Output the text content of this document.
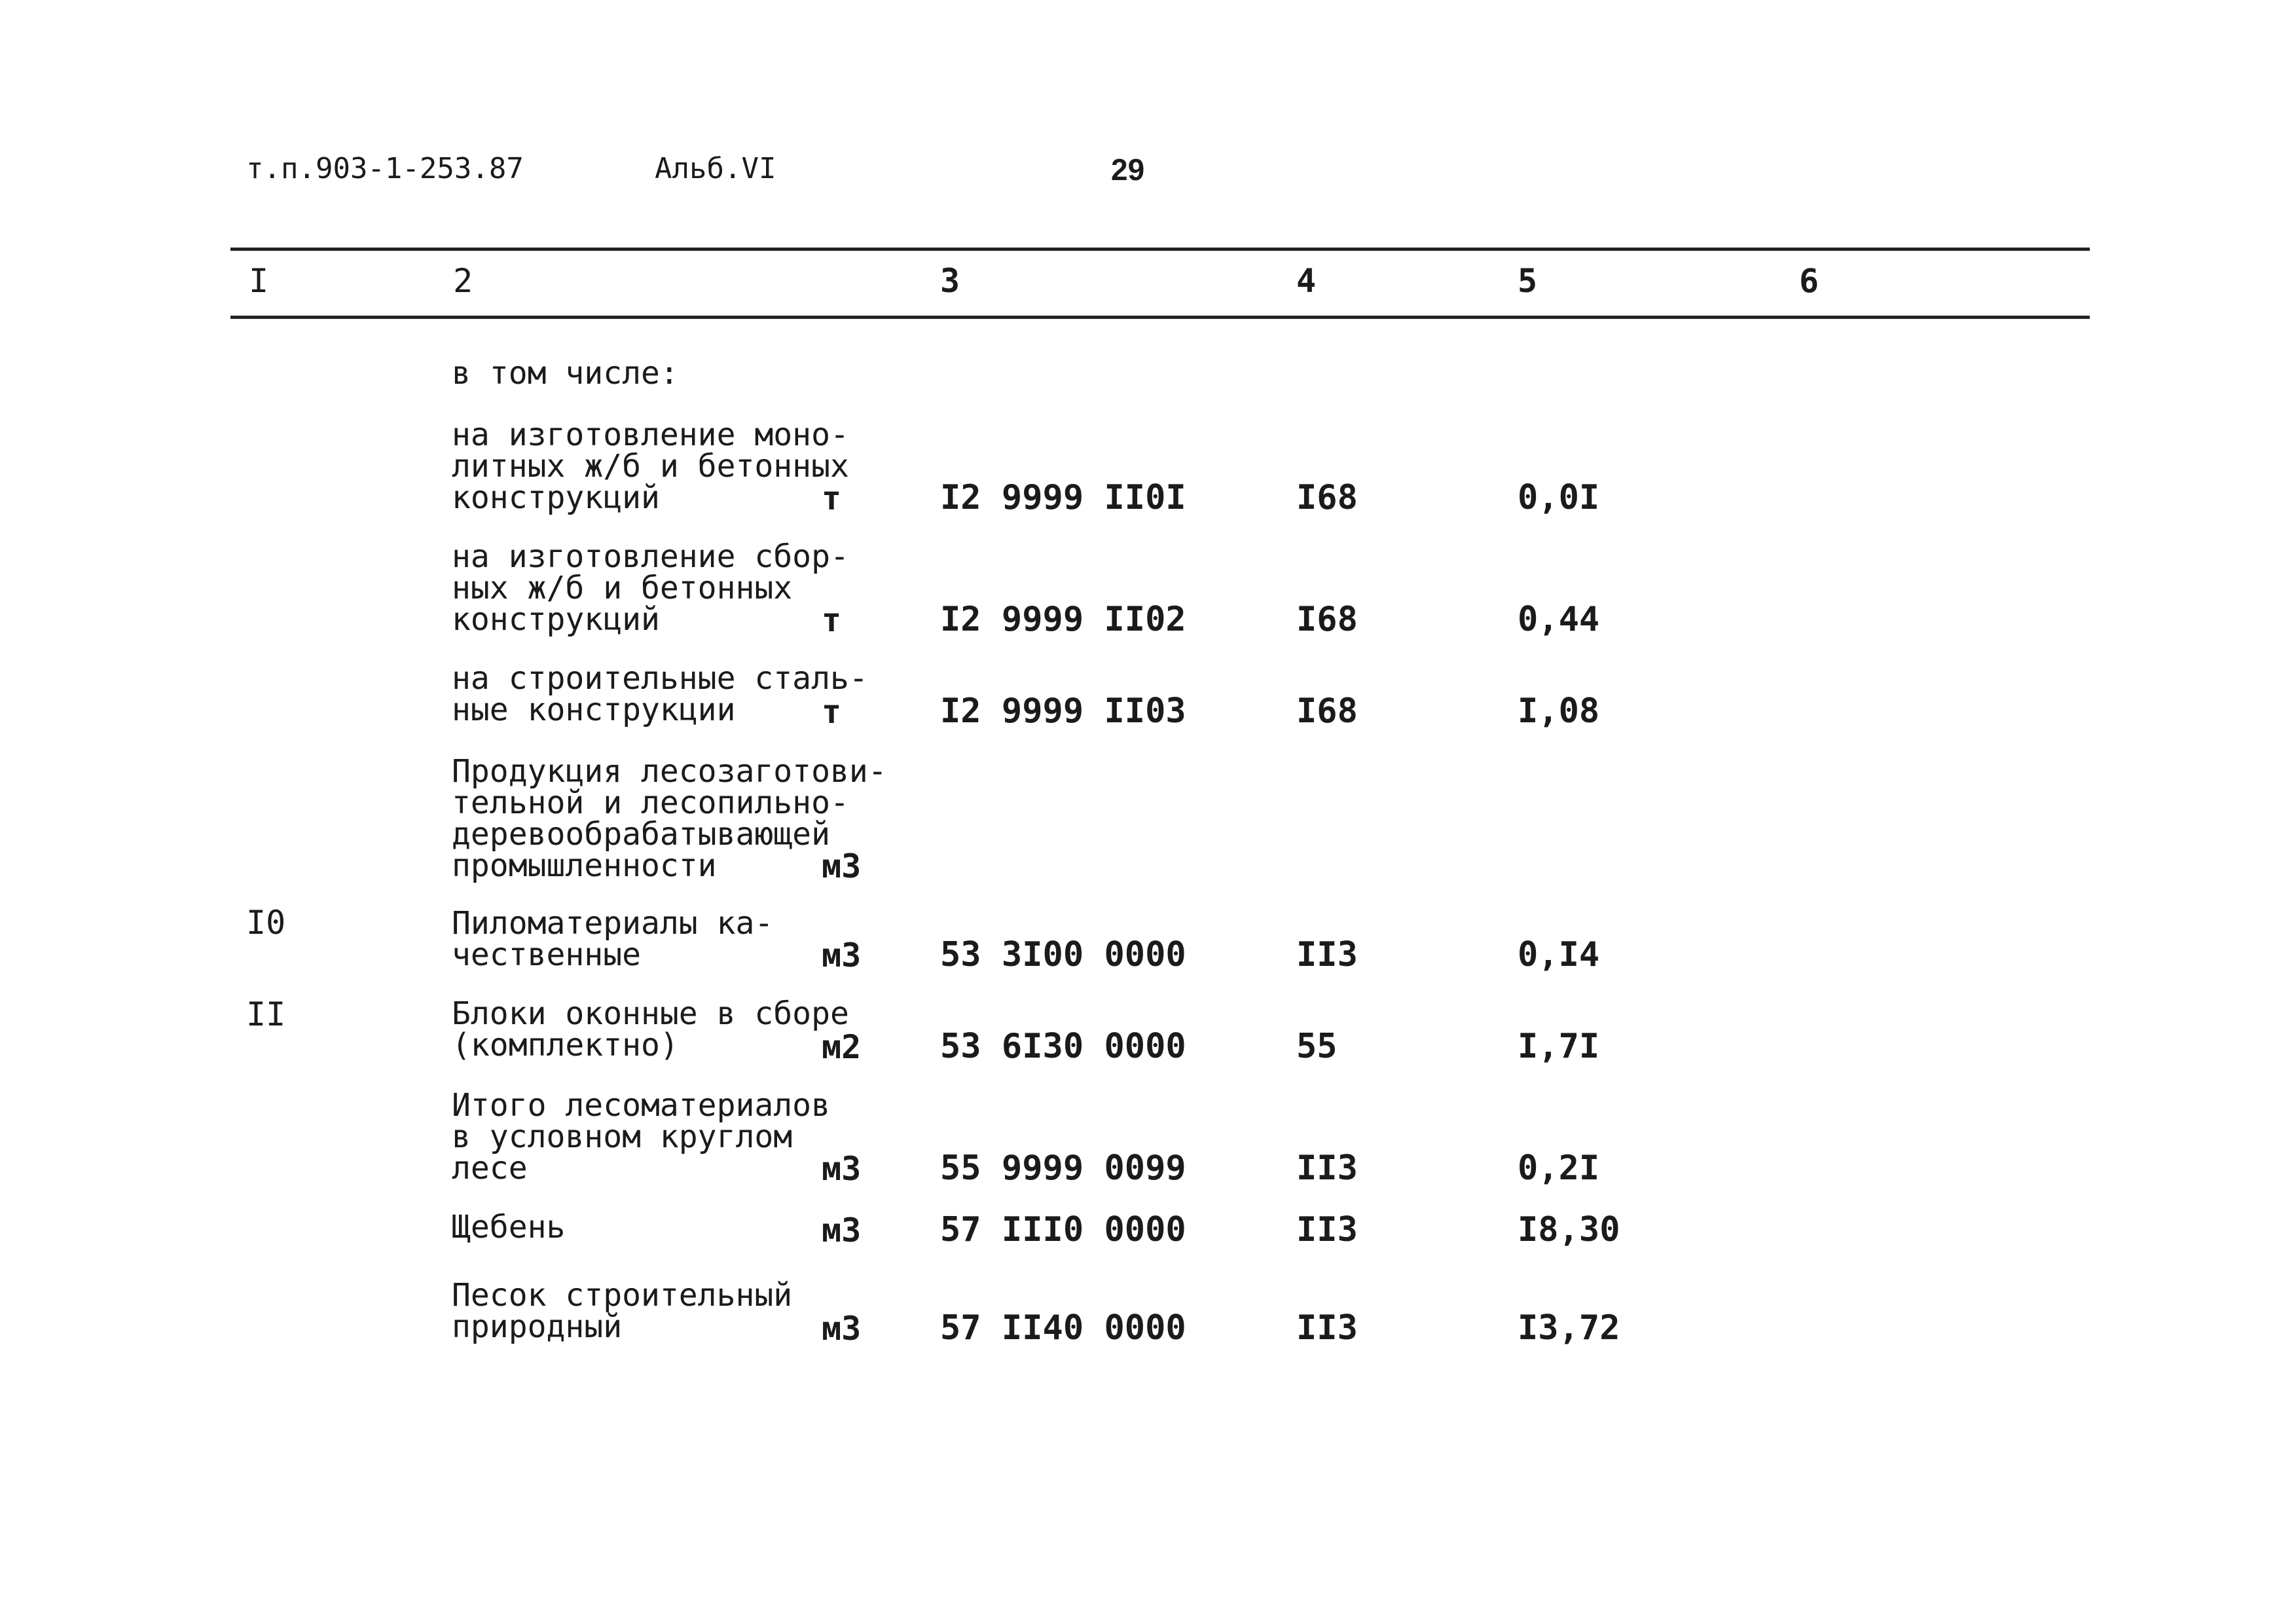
т.п.903-1-253.87	Альб.VI	29
I	2	3	4	5	6
в том числе:
на изготовление моно-
литных ж/б и бетонных
конструкций	т	I2 9999 II0I	I68	0,0I
на изготовление сбор-
ных ж/б и бетонных
конструкций	т	I2 9999 II02	I68	0,44
на строительные сталь-
ные конструкции	т	I2 9999 II03	I68	I,08
Продукция лесозаготови-
тельной и лесопильно-
деревообрабатывающей
промышленности	м3
I0	Пиломатериалы ка-
чественные	м3 53 3I00 0000	II3	0,I4
II	Блоки оконные в сборе
(комплектно)	м2 53 6I30 0000	55	I,7I
Итого лесоматериалов
в условном круглом
лесе	м3 55 9999 0099	II3	0,2I
Щебень	м3 57 III0 0000	II3	I8,30
Песок строительный
природный	м3 57 II40 0000	II3	I3,72
